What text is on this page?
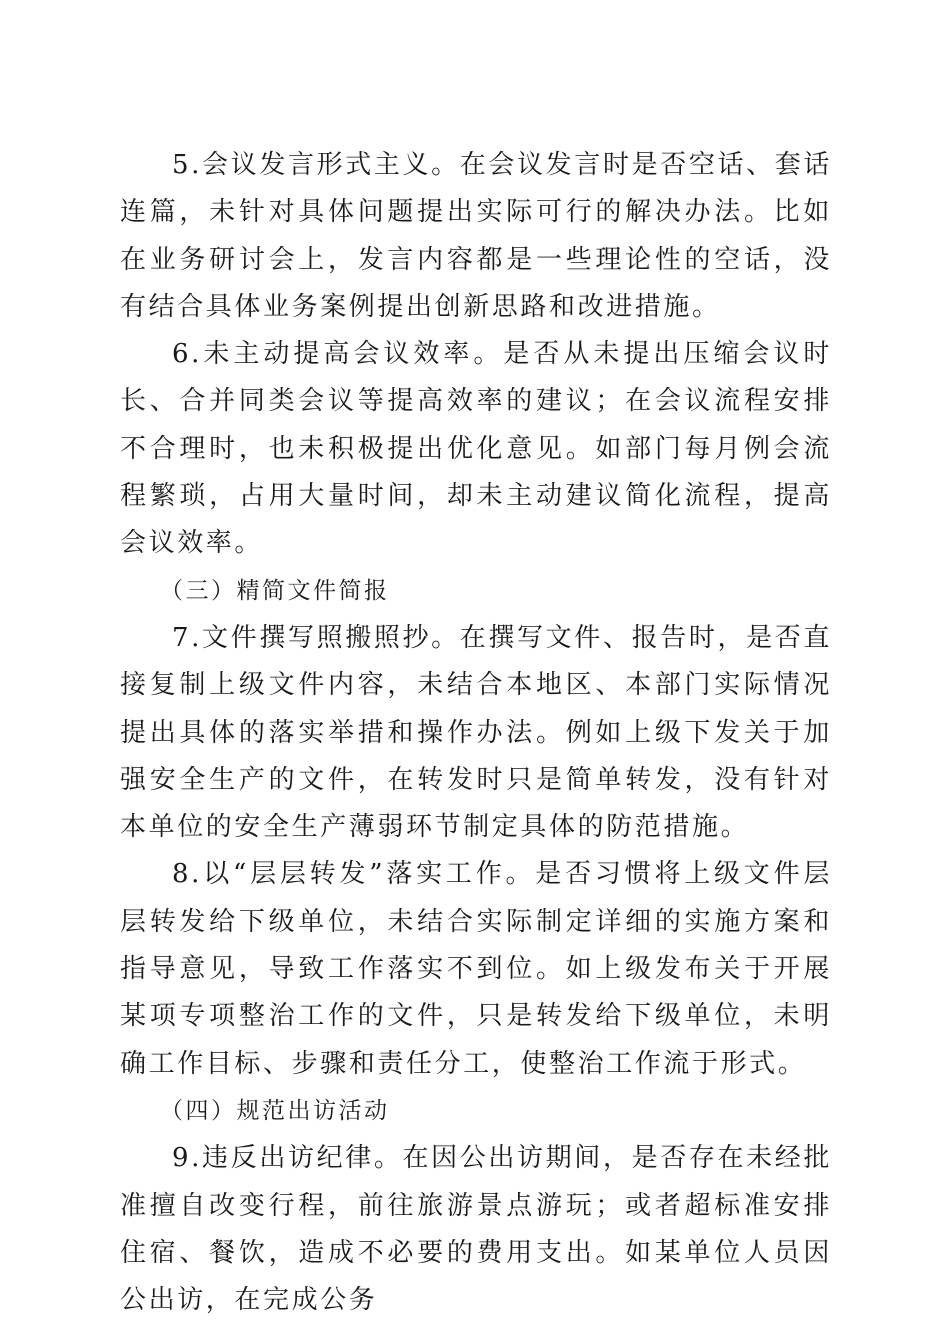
5.会议发言形式主义。在会议发言时是否空话、套话连篇，未针对具体问题提出实际可行的解决办法。比如在业务研讨会上，发言内容都是一些理论性的空话，没有结合具体业务案例提出创新思路和改进措施。

6.未主动提高会议效率。是否从未提出压缩会议时长、合并同类会议等提高效率的建议；在会议流程安排不合理时，也未积极提出优化意见。如部门每月例会流程繁琐，占用大量时间，却未主动建议简化流程，提高会议效率。

（三）精简文件简报

7.文件撰写照搬照抄。在撰写文件、报告时，是否直接复制上级文件内容，未结合本地区、本部门实际情况提出具体的落实举措和操作办法。例如上级下发关于加强安全生产的文件，在转发时只是简单转发，没有针对本单位的安全生产薄弱环节制定具体的防范措施。

8.以“层层转发”落实工作。是否习惯将上级文件层层转发给下级单位，未结合实际制定详细的实施方案和指导意见，导致工作落实不到位。如上级发布关于开展某项专项整治工作的文件，只是转发给下级单位，未明确工作目标、步骤和责任分工，使整治工作流于形式。

（四）规范出访活动

9.违反出访纪律。在因公出访期间，是否存在未经批准擅自改变行程，前往旅游景点游玩；或者超标准安排住宿、餐饮，造成不必要的费用支出。如某单位人员因公出访，在完成公务
